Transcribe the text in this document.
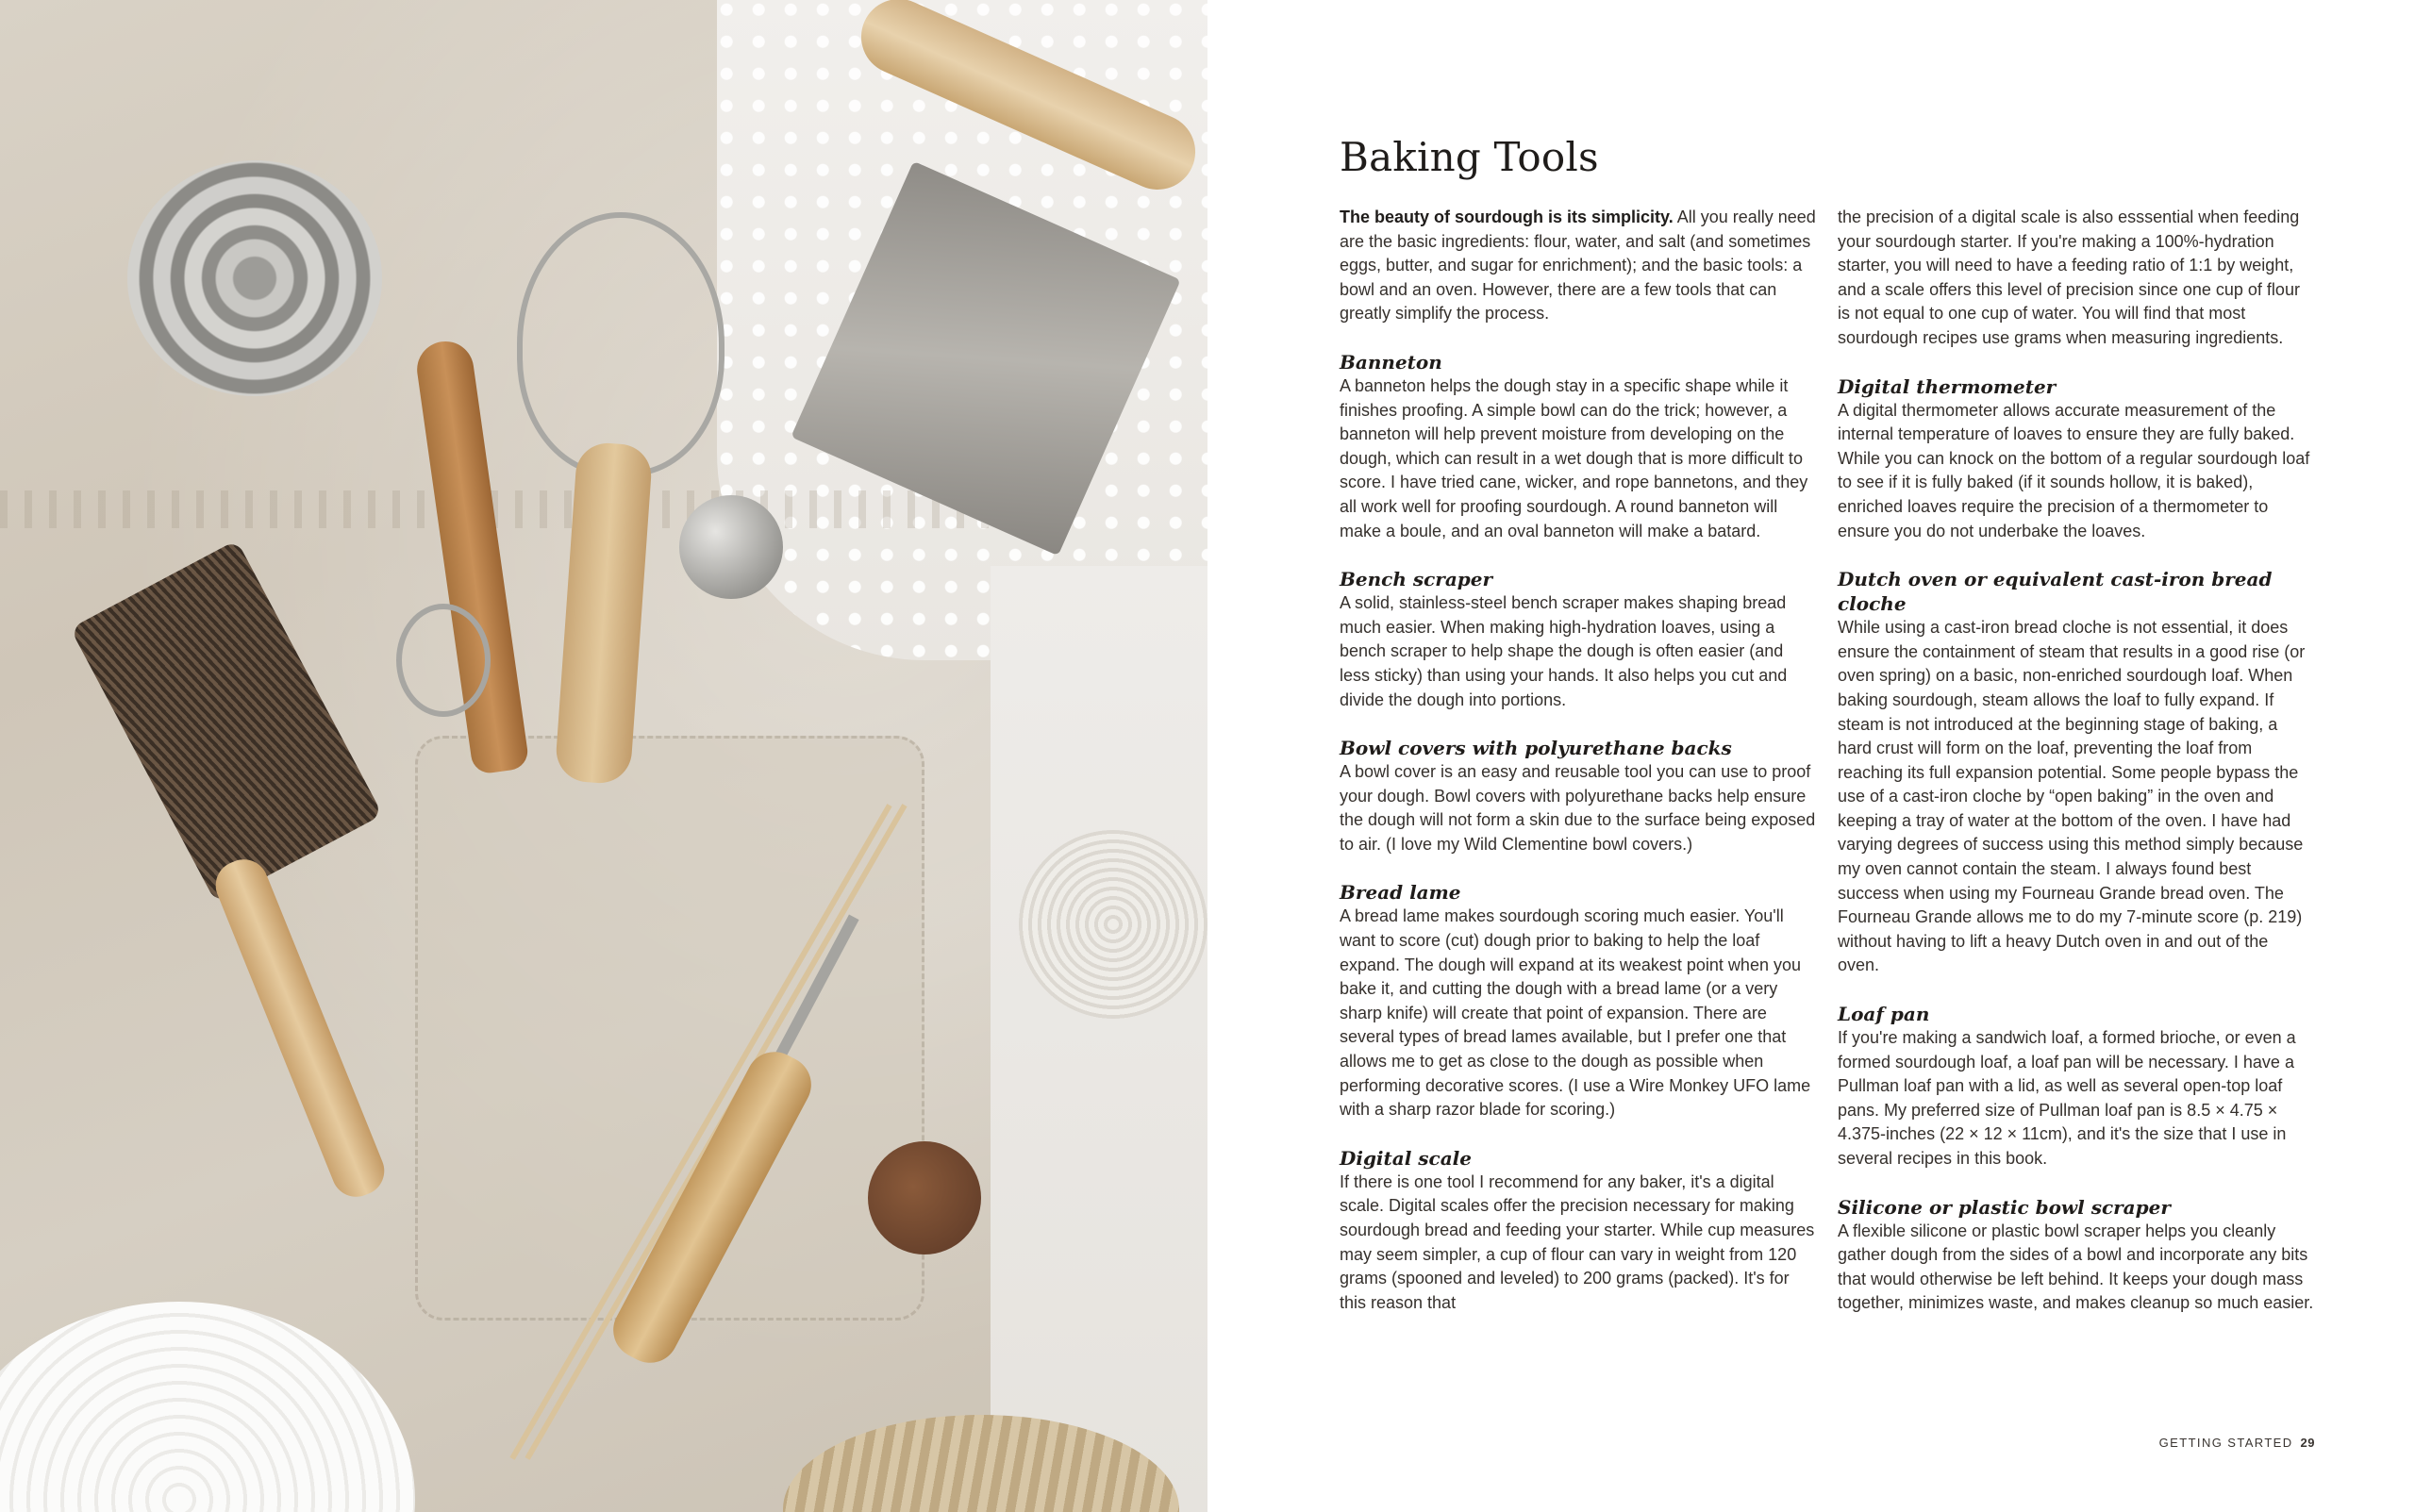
Baking Tools

The beauty of sourdough is its simplicity. All you really need are the basic ingredients: flour, water, and salt (and sometimes eggs, butter, and sugar for enrichment); and the basic tools: a bowl and an oven. However, there are a few tools that can greatly simplify the process.

Banneton

A banneton helps the dough stay in a specific shape while it finishes proofing. A simple bowl can do the trick; however, a banneton will help prevent moisture from developing on the dough, which can result in a wet dough that is more difficult to score. I have tried cane, wicker, and rope bannetons, and they all work well for proofing sourdough. A round banneton will make a boule, and an oval banneton will make a batard.

Bench scraper

A solid, stainless-steel bench scraper makes shaping bread much easier. When making high-hydration loaves, using a bench scraper to help shape the dough is often easier (and less sticky) than using your hands. It also helps you cut and divide the dough into portions.

Bowl covers with polyurethane backs

A bowl cover is an easy and reusable tool you can use to proof your dough. Bowl covers with polyurethane backs help ensure the dough will not form a skin due to the surface being exposed to air. (I love my Wild Clementine bowl covers.)

Bread lame

A bread lame makes sourdough scoring much easier. You'll want to score (cut) dough prior to baking to help the loaf expand. The dough will expand at its weakest point when you bake it, and cutting the dough with a bread lame (or a very sharp knife) will create that point of expansion. There are several types of bread lames available, but I prefer one that allows me to get as close to the dough as possible when performing decorative scores. (I use a Wire Monkey UFO lame with a sharp razor blade for scoring.)

Digital scale

If there is one tool I recommend for any baker, it's a digital scale. Digital scales offer the precision necessary for making sourdough bread and feeding your starter. While cup measures may seem simpler, a cup of flour can vary in weight from 120 grams (spooned and leveled) to 200 grams (packed). It's for this reason that

the precision of a digital scale is also esssential when feeding your sourdough starter. If you're making a 100%-hydration starter, you will need to have a feeding ratio of 1:1 by weight, and a scale offers this level of precision since one cup of flour is not equal to one cup of water. You will find that most sourdough recipes use grams when measuring ingredients.

Digital thermometer

A digital thermometer allows accurate measurement of the internal temperature of loaves to ensure they are fully baked. While you can knock on the bottom of a regular sourdough loaf to see if it is fully baked (if it sounds hollow, it is baked), enriched loaves require the precision of a thermometer to ensure you do not underbake the loaves.

Dutch oven or equivalent cast-iron bread cloche

While using a cast-iron bread cloche is not essential, it does ensure the containment of steam that results in a good rise (or oven spring) on a basic, non-enriched sourdough loaf. When baking sourdough, steam allows the loaf to fully expand. If steam is not introduced at the beginning stage of baking, a hard crust will form on the loaf, preventing the loaf from reaching its full expansion potential. Some people bypass the use of a cast-iron cloche by “open baking” in the oven and keeping a tray of water at the bottom of the oven. I have had varying degrees of success using this method simply because my oven cannot contain the steam. I always found best success when using my Fourneau Grande bread oven. The Fourneau Grande allows me to do my 7-minute score (p. 219) without having to lift a heavy Dutch oven in and out of the oven.

Loaf pan

If you're making a sandwich loaf, a formed brioche, or even a formed sourdough loaf, a loaf pan will be necessary. I have a Pullman loaf pan with a lid, as well as several open-top loaf pans. My preferred size of Pullman loaf pan is 8.5 × 4.75 × 4.375-inches (22 × 12 × 11cm), and it's the size that I use in several recipes in this book.

Silicone or plastic bowl scraper

A flexible silicone or plastic bowl scraper helps you cleanly gather dough from the sides of a bowl and incorporate any bits that would otherwise be left behind. It keeps your dough mass together, minimizes waste, and makes cleanup so much easier.

GETTING STARTED 29
